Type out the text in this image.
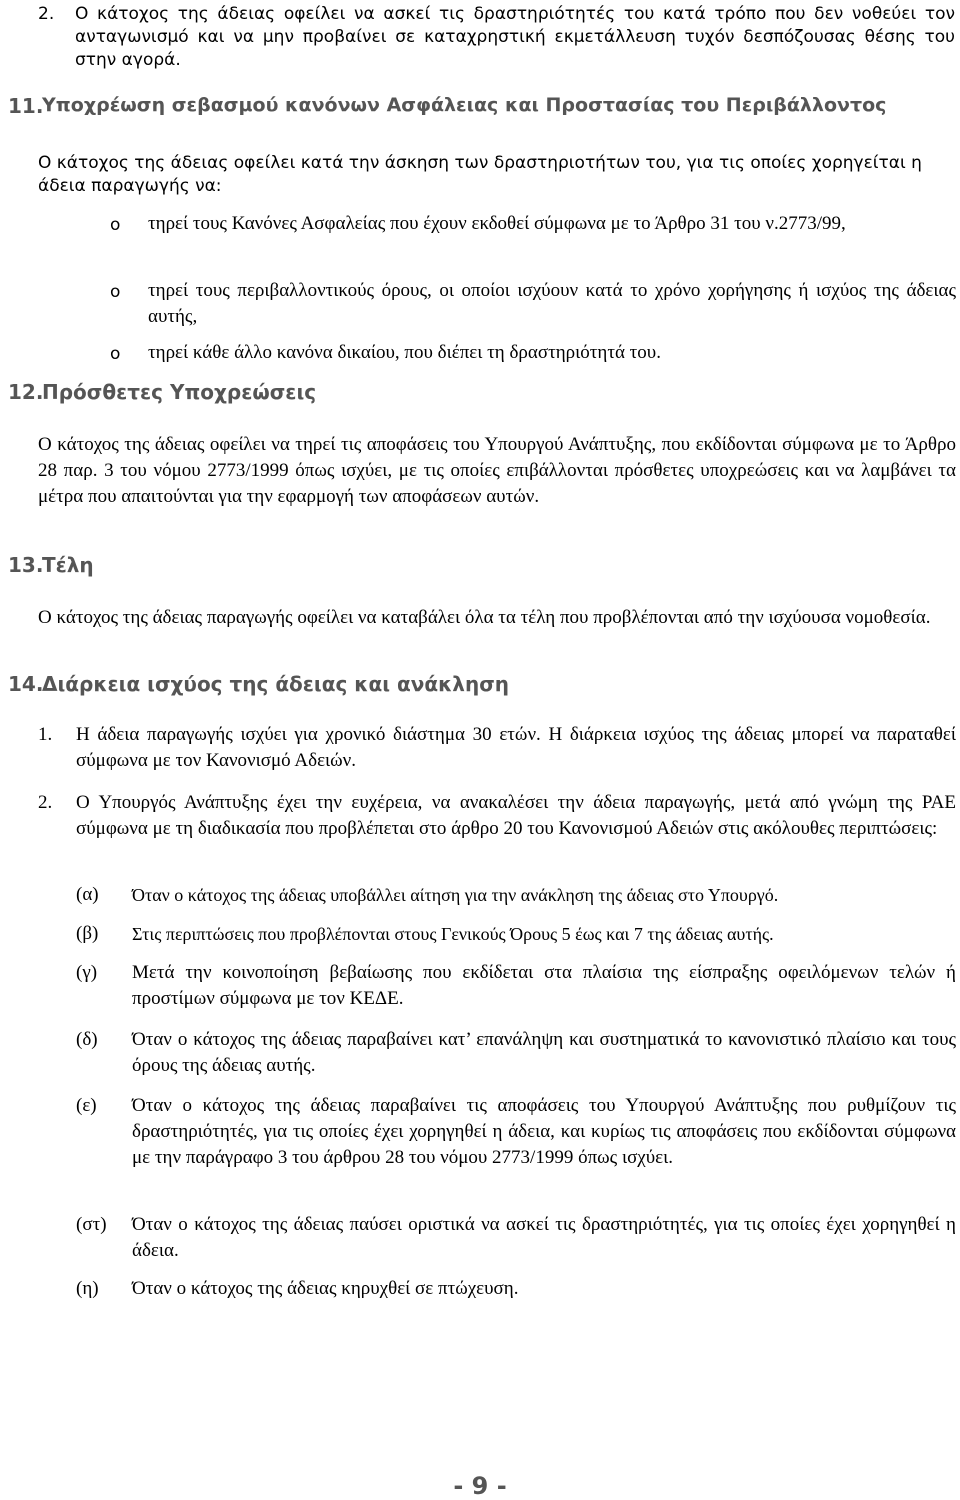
2. Ο κάτοχος της άδειας οφείλει να ασκεί τις δραστηριότητές του κατά τρόπο που δεν νοθεύει τον ανταγωνισμό και να μην προβαίνει σε καταχρηστική εκμετάλλευση τυχόν δεσπόζουσας θέσης του στην αγορά.

11.
Υποχρέωση σεβασμού κανόνων Ασφάλειας και Προστασίας του Περιβάλλοντος

Ο κάτοχος της άδειας οφείλει κατά την άσκηση των δραστηριοτήτων του, για τις οποίες χορηγείται η άδεια παραγωγής να:

o τηρεί τους Κανόνες Ασφαλείας που έχουν εκδοθεί σύμφωνα με το Άρθρο 31 του ν.2773/99,

o τηρεί τους περιβαλλοντικούς όρους, οι οποίοι ισχύουν κατά το χρόνο χορήγησης ή ισχύος της άδειας αυτής,

o τηρεί κάθε άλλο κανόνα δικαίου, που διέπει τη δραστηριότητά του.

12.
Πρόσθετες Υποχρεώσεις

Ο κάτοχος της άδειας οφείλει να τηρεί τις αποφάσεις του Υπουργού Ανάπτυξης, που εκδίδονται σύμφωνα με το Άρθρο 28 παρ. 3 του νόμου 2773/1999 όπως ισχύει, με τις οποίες επιβάλλονται πρόσθετες υποχρεώσεις και να λαμβάνει τα μέτρα που απαιτούνται για την εφαρμογή των αποφάσεων αυτών.

13.
Τέλη

Ο κάτοχος της άδειας παραγωγής οφείλει να καταβάλει όλα τα τέλη που προβλέπονται από την ισχύουσα νομοθεσία.

14.
Διάρκεια ισχύος της άδειας και ανάκληση
1. Η άδεια παραγωγής ισχύει για χρονικό διάστημα 30 ετών. Η διάρκεια ισχύος της άδειας μπορεί να παραταθεί σύμφωνα με τον Κανονισμό Αδειών.

2. Ο Υπουργός Ανάπτυξης έχει την ευχέρεια, να ανακαλέσει την άδεια παραγωγής, μετά από γνώμη της ΡΑΕ σύμφωνα με τη διαδικασία που προβλέπεται στο άρθρο 20 του Κανονισμού Αδειών στις ακόλουθες περιπτώσεις:

(α) Όταν ο κάτοχος της άδειας υποβάλλει αίτηση για την ανάκληση της άδειας στο Υπουργό.

(β) Στις περιπτώσεις που προβλέπονται στους Γενικούς Όρους 5 έως και 7 της άδειας αυτής.

(γ) Μετά την κοινοποίηση βεβαίωσης που εκδίδεται στα πλαίσια της είσπραξης οφειλόμενων τελών ή προστίμων σύμφωνα με τον ΚΕΔΕ.

(δ) Όταν ο κάτοχος της άδειας παραβαίνει κατ’ επανάληψη και συστηματικά το κανονιστικό πλαίσιο και τους όρους της άδειας αυτής.

(ε) Όταν ο κάτοχος της άδειας παραβαίνει τις αποφάσεις του Υπουργού Ανάπτυξης που ρυθμίζουν τις δραστηριότητές, για τις οποίες έχει χορηγηθεί η άδεια, και κυρίως τις αποφάσεις που εκδίδονται σύμφωνα με την παράγραφο 3 του άρθρου 28 του νόμου 2773/1999 όπως ισχύει.

(στ) Όταν ο κάτοχος της άδειας παύσει οριστικά να ασκεί τις δραστηριότητές, για τις οποίες έχει χορηγηθεί η άδεια.

(η) Όταν ο κάτοχος της άδειας κηρυχθεί σε πτώχευση.

- 9 -
